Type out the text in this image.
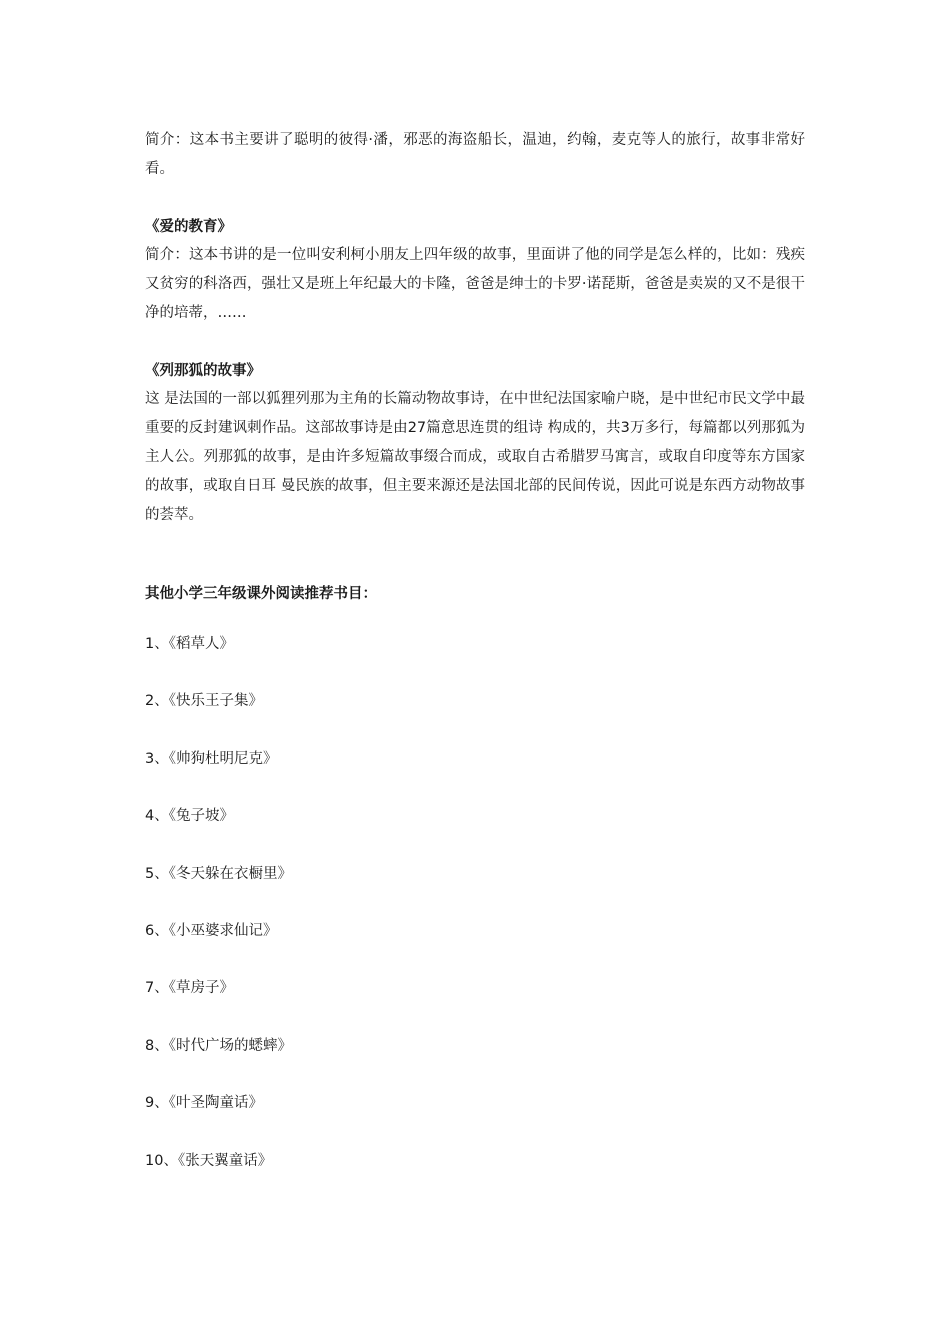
简介：这本书主要讲了聪明的彼得·潘，邪恶的海盗船长，温迪，约翰，麦克等人的旅行，故事非常好看。

《爱的教育》

简介：这本书讲的是一位叫安利柯小朋友上四年级的故事，里面讲了他的同学是怎么样的，比如：残疾又贫穷的科洛西，强壮又是班上年纪最大的卡隆，爸爸是绅士的卡罗·诺琵斯，爸爸是卖炭的又不是很干净的培蒂，……

《列那狐的故事》

这 是法国的一部以狐狸列那为主角的长篇动物故事诗，在中世纪法国家喻户晓，是中世纪市民文学中最重要的反封建讽刺作品。这部故事诗是由27篇意思连贯的组诗 构成的，共3万多行，每篇都以列那狐为主人公。列那狐的故事，是由许多短篇故事缀合而成，或取自古希腊罗马寓言，或取自印度等东方国家的故事，或取自日耳 曼民族的故事，但主要来源还是法国北部的民间传说，因此可说是东西方动物故事的荟萃。

其他小学三年级课外阅读推荐书目：

1、《稻草人》
2、《快乐王子集》
3、《帅狗杜明尼克》
4、《兔子坡》
5、《冬天躲在衣橱里》
6、《小巫婆求仙记》
7、《草房子》
8、《时代广场的蟋蟀》
9、《叶圣陶童话》
10、《张天翼童话》
